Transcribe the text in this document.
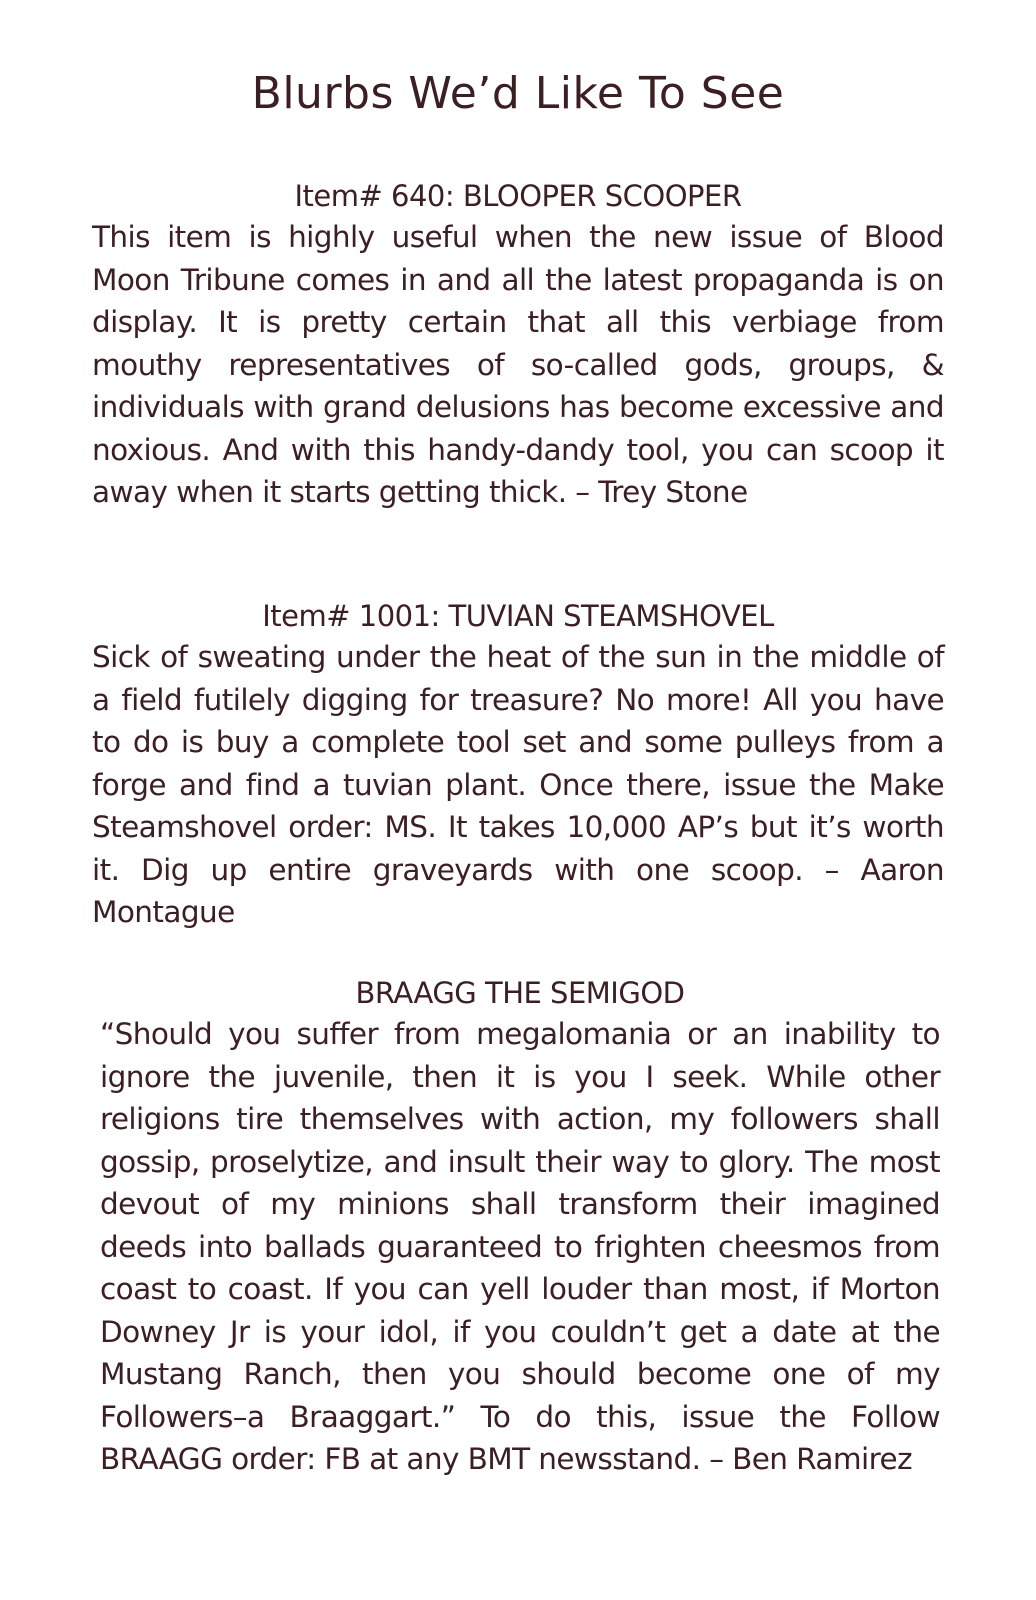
Blurbs We’d Like To See
Item# 640: BLOOPER SCOOPER
This item is highly useful when the new issue of Blood Moon Tribune comes in and all the latest propaganda is on display. It is pretty certain that all this verbiage from mouthy representatives of so-called gods, groups, & individuals with grand delusions has become excessive and noxious. And with this handy-dandy tool, you can scoop it away when it starts getting thick. – Trey Stone
Item# 1001: TUVIAN STEAMSHOVEL
Sick of sweating under the heat of the sun in the middle of a field futilely digging for treasure? No more! All you have to do is buy a complete tool set and some pulleys from a forge and find a tuvian plant. Once there, issue the Make Steamshovel order: MS. It takes 10,000 AP’s but it’s worth it. Dig up entire graveyards with one scoop. – Aaron Montague
BRAAGG THE SEMIGOD
“Should you suffer from megalomania or an inability to ignore the juvenile, then it is you I seek. While other religions tire themselves with action, my followers shall gossip, proselytize, and insult their way to glory. The most devout of my minions shall transform their imagined deeds into ballads guaranteed to frighten cheesmos from coast to coast. If you can yell louder than most, if Morton Downey Jr is your idol, if you couldn’t get a date at the Mustang Ranch, then you should become one of my Followers–a Braaggart.” To do this, issue the Follow BRAAGG order: FB at any BMT newsstand. – Ben Ramirez
